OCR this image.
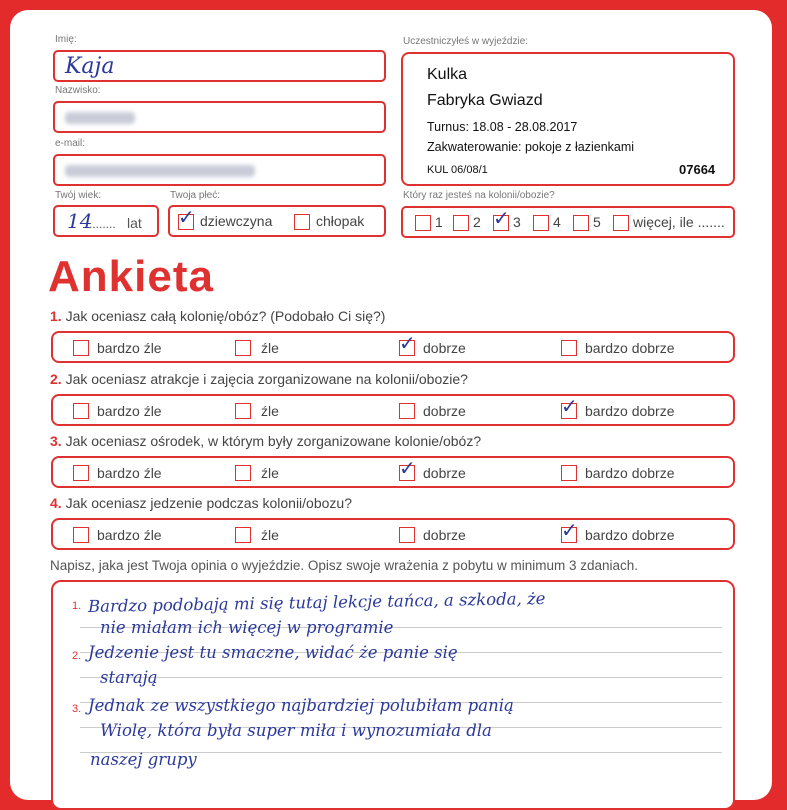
Imię:
Kaja
Nazwisko:
e-mail:
Twój wiek:
14
........ lat
Twoja płeć:
✓ dziewczyna	chłopak
Uczestniczyłeś w wyjeździe:
Kulka
Fabryka Gwiazd
Turnus: 18.08 - 28.08.2017
Zakwaterowanie: pokoje z łazienkami
KUL 06/08/1	07664
Który raz jesteś na kolonii/obozie?
1 2 ✓ 3 4 5 więcej, ile .......
Ankieta
1. Jak oceniasz całą kolonię/obóz? (Podobało Ci się?)
bardzo źle	źle	✓ dobrze	bardzo dobrze
2. Jak oceniasz atrakcje i zajęcia zorganizowane na kolonii/obozie?
bardzo źle	źle	dobrze	✓ bardzo dobrze
3. Jak oceniasz ośrodek, w którym były zorganizowane kolonie/obóz?
bardzo źle	źle	✓ dobrze	bardzo dobrze
4. Jak oceniasz jedzenie podczas kolonii/obozu?
bardzo źle	źle	dobrze	✓ bardzo dobrze
Napisz, jaka jest Twoja opinia o wyjeździe. Opisz swoje wrażenia z pobytu w minimum 3 zdaniach.
1.
2.
3.
Bardzo podobają mi się tutaj lekcje tańca, a szkoda, że
nie miałam ich więcej w programie
Jedzenie jest tu smaczne, widać że panie się
starają
Jednak ze wszystkiego najbardziej polubiłam panią
Wiolę, która była super miła i wynozumiała dla
naszej grupy
